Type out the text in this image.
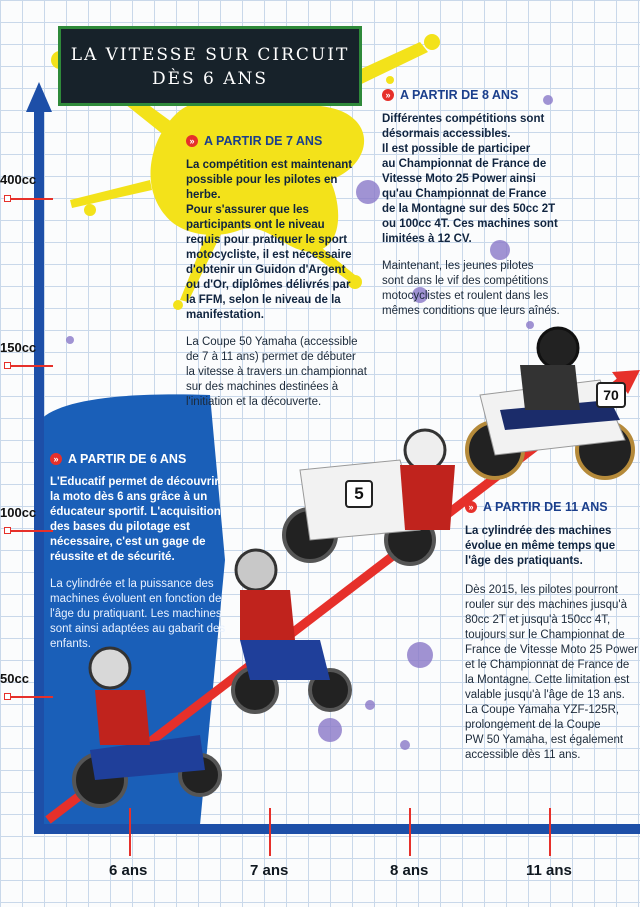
5
70
LA VITESSE SUR CIRCUIT
DÈS 6 ANS
400cc
150cc
100cc
50cc
6 ans	7 ans	8 ans	11 ans
» A PARTIR DE 7 ANS
La compétition est maintenant
possible pour les pilotes en
herbe.
Pour s'assurer que les
participants ont le niveau
requis pour pratiquer le sport
motocycliste, il est nécessaire
d'obtenir un Guidon d'Argent
ou d'Or, diplômes délivrés par
la FFM, selon le niveau de la
manifestation.
La Coupe 50 Yamaha (accessible
de 7 à 11 ans) permet de débuter
la vitesse à travers un championnat
sur des machines destinées à
l'initiation et la découverte.
» A PARTIR DE 8 ANS
Différentes compétitions sont
désormais accessibles.
Il est possible de participer
au Championnat de France de
Vitesse Moto 25 Power ainsi
qu'au Championnat de France
de la Montagne sur des 50cc 2T
ou 100cc 4T. Ces machines sont
limitées à 12 CV.
Maintenant, les jeunes pilotes
sont dans le vif des compétitions
motocyclistes et roulent dans les
mêmes conditions que leurs aînés.
» A PARTIR DE 6 ANS
L'Educatif permet de découvrir
la moto dès 6 ans grâce à un
éducateur sportif. L'acquisition
des bases du pilotage est
nécessaire, c'est un gage de
réussite et de sécurité.
La cylindrée et la puissance des
machines évoluent en fonction de
l'âge du pratiquant. Les machines
sont ainsi adaptées au gabarit des
enfants.
» A PARTIR DE 11 ANS
La cylindrée des machines
évolue en même temps que
l'âge des pratiquants.
Dès 2015, les pilotes pourront
rouler sur des machines jusqu'à
80cc 2T et jusqu'à 150cc 4T,
toujours sur le Championnat de
France de Vitesse Moto 25 Power
et le Championnat de France de
la Montagne. Cette limitation est
valable jusqu'à l'âge de 13 ans.
La Coupe Yamaha YZF-125R,
prolongement de la Coupe
PW 50 Yamaha, est également
accessible dès 11 ans.
